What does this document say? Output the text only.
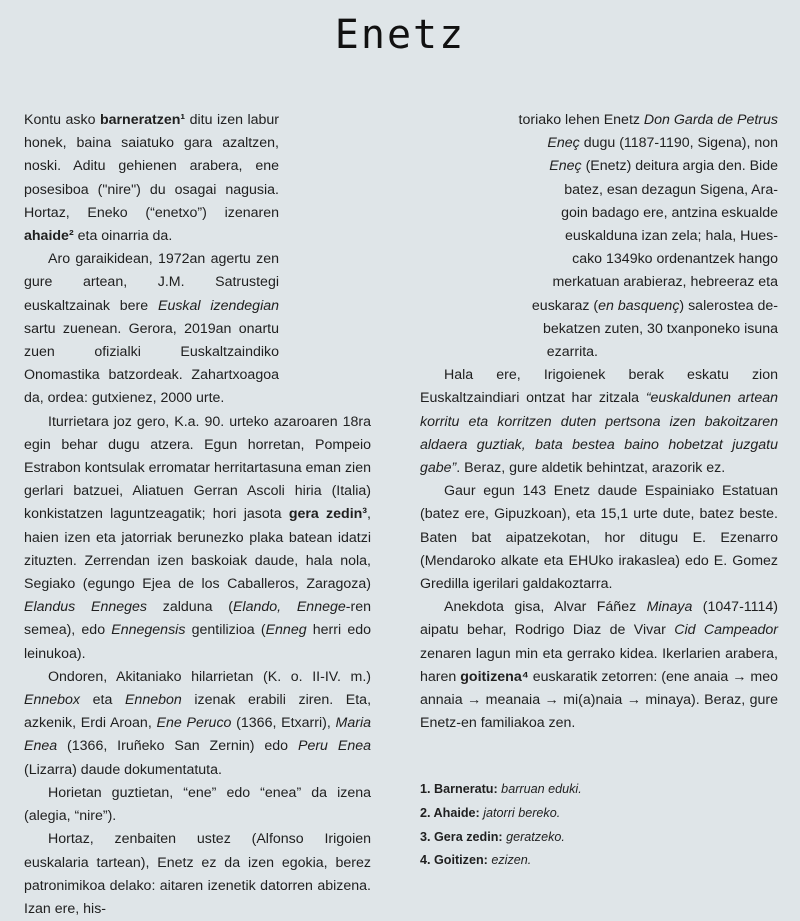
Enetz

Kontu asko barneratzen¹ ditu izen labur honek, baina saiatuko gara azaltzen, noski. Aditu gehienen arabera, ene posesiboa ("nire") du osagai nagusia. Hortaz, Eneko (“enetxo”) izenaren ahaide² eta oinarria da.

Aro garaikidean, 1972an agertu zen gure artean, J.M. Satrustegi euskaltzainak bere Euskal izendegian sartu zuenean. Gerora, 2019an onartu zuen ofizialki Euskaltzaindiko Onomastika batzordeak. Zahartxoagoa da, ordea: gutxienez, 2000 urte.

Iturrietara joz gero, K.a. 90. urteko azaroaren 18ra egin behar dugu atzera. Egun horretan, Pompeio Estrabon kontsulak erromatar herritartasuna eman zien gerlari batzuei, Aliatuen Gerran Ascoli hiria (Italia) konkistatzen laguntzeagatik; hori jasota gera zedin³, haien izen eta jatorriak berunezko plaka batean idatzi zituzten. Zerrendan izen baskoiak daude, hala nola, Segiako (egungo Ejea de los Caballeros, Zaragoza) Elandus Enneges zalduna (Elando, Ennege-ren semea), edo Ennegensis gentilizioa (Enneg herri edo leinukoa).

Ondoren, Akitaniako hilarrietan (K. o. II-IV. m.) Ennebox eta Ennebon izenak erabili ziren. Eta, azkenik, Erdi Aroan, Ene Peruco (1366, Etxarri), Maria Enea (1366, Iruñeko San Zernin) edo Peru Enea (Lizarra) daude dokumentatuta.

Horietan guztietan, “ene” edo “enea” da izena (alegia, “nire”).

Hortaz, zenbaiten ustez (Alfonso Irigoien euskalaria tartean), Enetz ez da izen egokia, berez patronimikoa delako: aitaren izenetik datorren abizena. Izan ere, his-

toriako lehen Enetz Don Garda de Petrus
Eneç dugu (1187-1190, Sigena), non
Eneç (Enetz) deitura argia den. Bide
batez, esan dezagun Sigena, Ara-
goin badago ere, antzina eskualde
euskalduna izan zela; hala, Hues-
cako 1349ko ordenantzek hango
merkatuan arabieraz, hebreeraz eta
euskaraz (en basquenç) salerostea de-
bekatzen zuten, 30 txanponeko isuna
ezarrita.

Hala ere, Irigoienek berak eskatu zion Euskaltzaindiari ontzat har zitzala “euskaldunen artean korritu eta korritzen duten pertsona izen bakoitzaren aldaera guztiak, bata bestea baino hobetzat juzgatu gabe”. Beraz, gure aldetik behintzat, arazorik ez.

Gaur egun 143 Enetz daude Espainiako Estatuan (batez ere, Gipuzkoan), eta 15,1 urte dute, batez beste. Baten bat aipatzekotan, hor ditugu E. Ezenarro (Mendaroko alkate eta EHUko irakaslea) edo E. Gomez Gredilla igerilari galdakoztarra.

Anekdota gisa, Alvar Fáñez Minaya (1047-1114) aipatu behar, Rodrigo Diaz de Vivar Cid Campeador zenaren lagun min eta gerrako kidea. Ikerlarien arabera, haren goitizena⁴ euskaratik zetorren: (ene anaia → meo annaia → meanaia → mi(a)naia → minaya). Beraz, gure Enetz-en familiakoa zen.

1. Barneratu: barruan eduki.

2. Ahaide: jatorri bereko.

3. Gera zedin: geratzeko.

4. Goitizen: ezizen.
